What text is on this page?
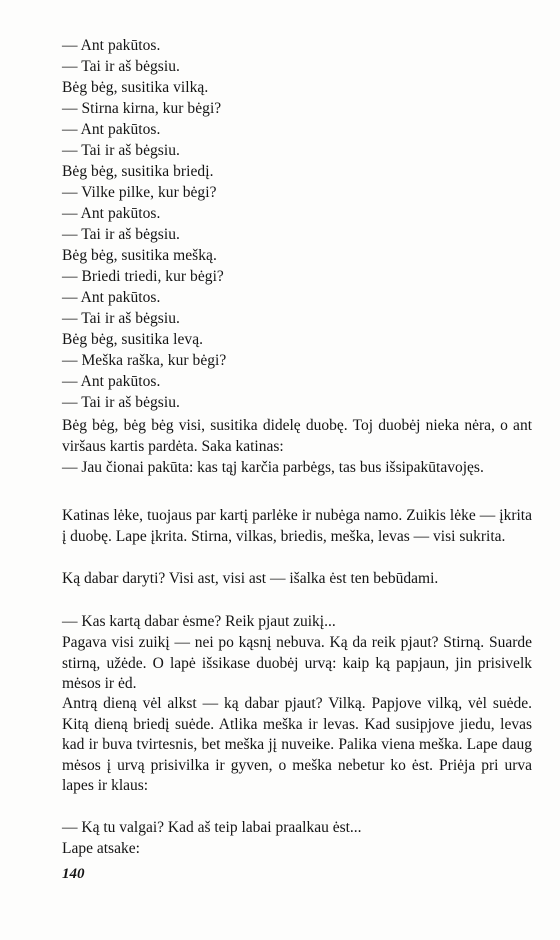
— Ant pakūtos.
— Tai ir aš bėgsiu.
Bėg bėg, susitika vilką.
— Stirna kirna, kur bėgi?
— Ant pakūtos.
— Tai ir aš bėgsiu.
Bėg bėg, susitika briedį.
— Vilke pilke, kur bėgi?
— Ant pakūtos.
— Tai ir aš bėgsiu.
Bėg bėg, susitika mešką.
— Briedi triedi, kur bėgi?
— Ant pakūtos.
— Tai ir aš bėgsiu.
Bėg bėg, susitika levą.
— Meška raška, kur bėgi?
— Ant pakūtos.
— Tai ir aš bėgsiu.

Bėg bėg, bėg bėg visi, susitika didelę duobę. Toj duobėj nieka nėra, o ant viršaus kartis pardėta. Saka katinas:

— Jau čionai pakūta: kas tąj karčia parbėgs, tas bus išsipakūtavojęs.

Katinas lėke, tuojaus par kartį parlėke ir nubėga namo. Zuikis lėke — įkrita į duobę. Lape įkrita. Stirna, vilkas, briedis, meška, levas — visi sukrita.

Ką dabar daryti? Visi ast, visi ast — išalka ėst ten bebūdami.

— Kas kartą dabar ėsme? Reik pjaut zuikį...

Pagava visi zuikį — nei po kąsnį nebuva. Ką da reik pjaut? Stirną. Suarde stirną, užėde. O lapė išsikase duobėj urvą: kaip ką papjaun, jin prisivelk mėsos ir ėd.

Antrą dieną vėl alkst — ką dabar pjaut? Vilką. Papjove vilką, vėl suėde. Kitą dieną briedį suėde. Atlika meška ir levas. Kad susipjove jiedu, levas kad ir buva tvirtesnis, bet meška jį nuveike. Palika viena meška. Lape daug mėsos į urvą prisivilka ir gyven, o meška nebetur ko ėst. Priėja pri urva lapes ir klaus:

— Ką tu valgai? Kad aš teip labai praalkau ėst...

Lape atsake:

140
